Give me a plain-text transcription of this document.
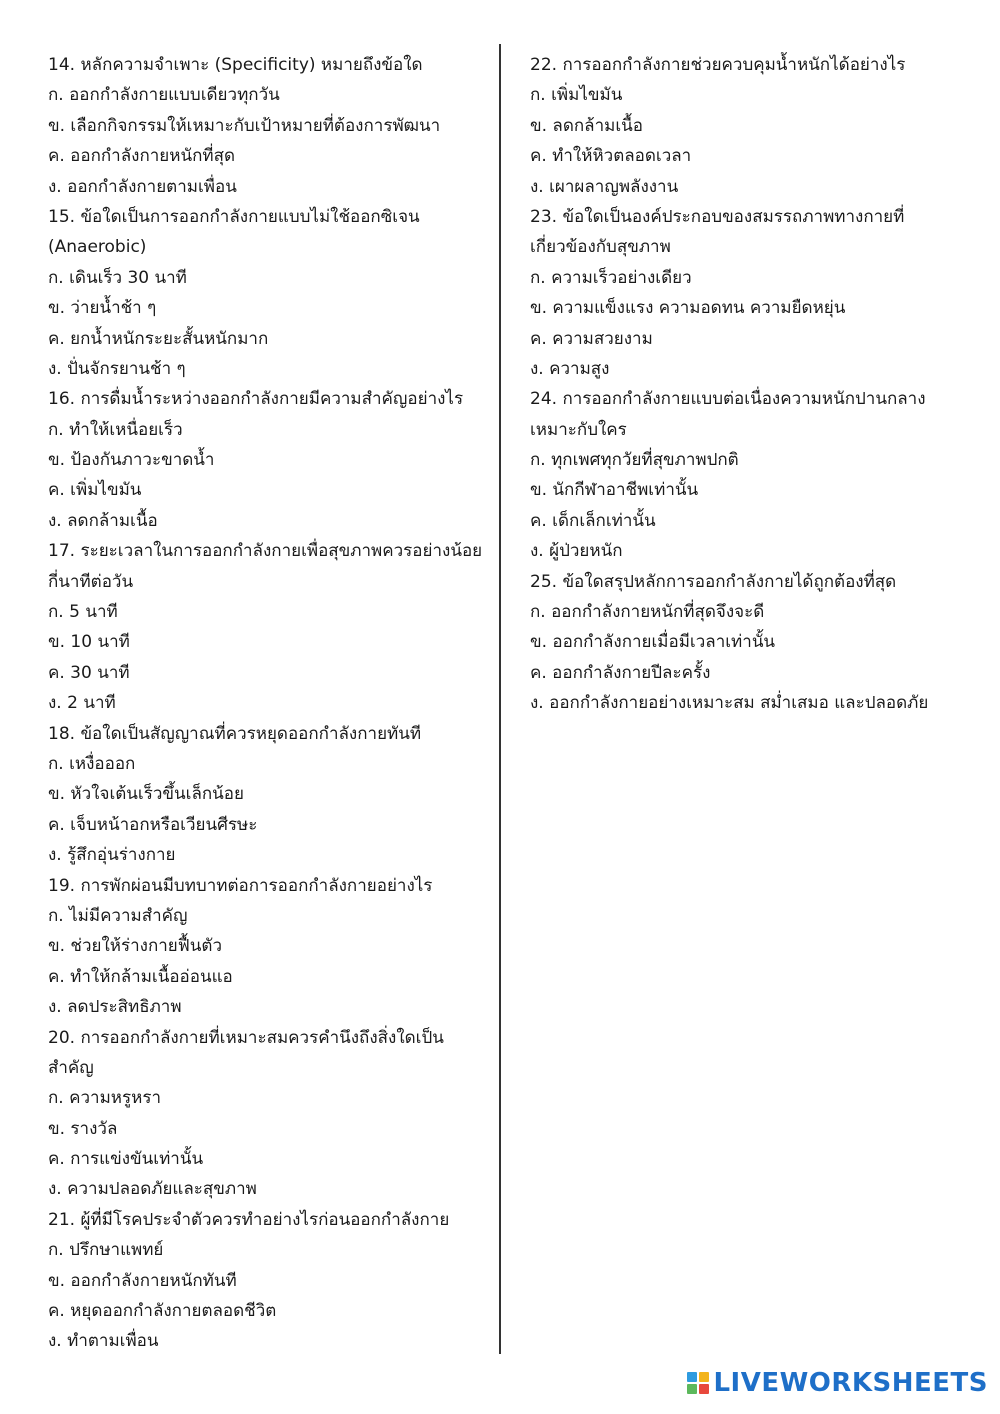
14. หลักความจำเพาะ (Specificity) หมายถึงข้อใด
ก. ออกกำลังกายแบบเดียวทุกวัน
ข. เลือกกิจกรรมให้เหมาะกับเป้าหมายที่ต้องการพัฒนา
ค. ออกกำลังกายหนักที่สุด
ง. ออกกำลังกายตามเพื่อน
15. ข้อใดเป็นการออกกำลังกายแบบไม่ใช้ออกซิเจน
(Anaerobic)
ก. เดินเร็ว 30 นาที
ข. ว่ายน้ำช้า ๆ
ค. ยกน้ำหนักระยะสั้นหนักมาก
ง. ปั่นจักรยานช้า ๆ
16. การดื่มน้ำระหว่างออกกำลังกายมีความสำคัญอย่างไร
ก. ทำให้เหนื่อยเร็ว
ข. ป้องกันภาวะขาดน้ำ
ค. เพิ่มไขมัน
ง. ลดกล้ามเนื้อ
17. ระยะเวลาในการออกกำลังกายเพื่อสุขภาพควรอย่างน้อย
กี่นาทีต่อวัน
ก. 5 นาที
ข. 10 นาที
ค. 30 นาที
ง. 2 นาที
18. ข้อใดเป็นสัญญาณที่ควรหยุดออกกำลังกายทันที
ก. เหงื่อออก
ข. หัวใจเต้นเร็วขึ้นเล็กน้อย
ค. เจ็บหน้าอกหรือเวียนศีรษะ
ง. รู้สึกอุ่นร่างกาย
19. การพักผ่อนมีบทบาทต่อการออกกำลังกายอย่างไร
ก. ไม่มีความสำคัญ
ข. ช่วยให้ร่างกายฟื้นตัว
ค. ทำให้กล้ามเนื้ออ่อนแอ
ง. ลดประสิทธิภาพ
20. การออกกำลังกายที่เหมาะสมควรคำนึงถึงสิ่งใดเป็น
สำคัญ
ก. ความหรูหรา
ข. รางวัล
ค. การแข่งขันเท่านั้น
ง. ความปลอดภัยและสุขภาพ
21. ผู้ที่มีโรคประจำตัวควรทำอย่างไรก่อนออกกำลังกาย
ก. ปรึกษาแพทย์
ข. ออกกำลังกายหนักทันที
ค. หยุดออกกำลังกายตลอดชีวิต
ง. ทำตามเพื่อน
22. การออกกำลังกายช่วยควบคุมน้ำหนักได้อย่างไร
ก. เพิ่มไขมัน
ข. ลดกล้ามเนื้อ
ค. ทำให้หิวตลอดเวลา
ง. เผาผลาญพลังงาน
23. ข้อใดเป็นองค์ประกอบของสมรรถภาพทางกายที่
เกี่ยวข้องกับสุขภาพ
ก. ความเร็วอย่างเดียว
ข. ความแข็งแรง ความอดทน ความยืดหยุ่น
ค. ความสวยงาม
ง. ความสูง
24. การออกกำลังกายแบบต่อเนื่องความหนักปานกลาง
เหมาะกับใคร
ก. ทุกเพศทุกวัยที่สุขภาพปกติ
ข. นักกีฬาอาชีพเท่านั้น
ค. เด็กเล็กเท่านั้น
ง. ผู้ป่วยหนัก
25. ข้อใดสรุปหลักการออกกำลังกายได้ถูกต้องที่สุด
ก. ออกกำลังกายหนักที่สุดจึงจะดี
ข. ออกกำลังกายเมื่อมีเวลาเท่านั้น
ค. ออกกำลังกายปีละครั้ง
ง. ออกกำลังกายอย่างเหมาะสม สม่ำเสมอ และปลอดภัย
LIVEWORKSHEETS
